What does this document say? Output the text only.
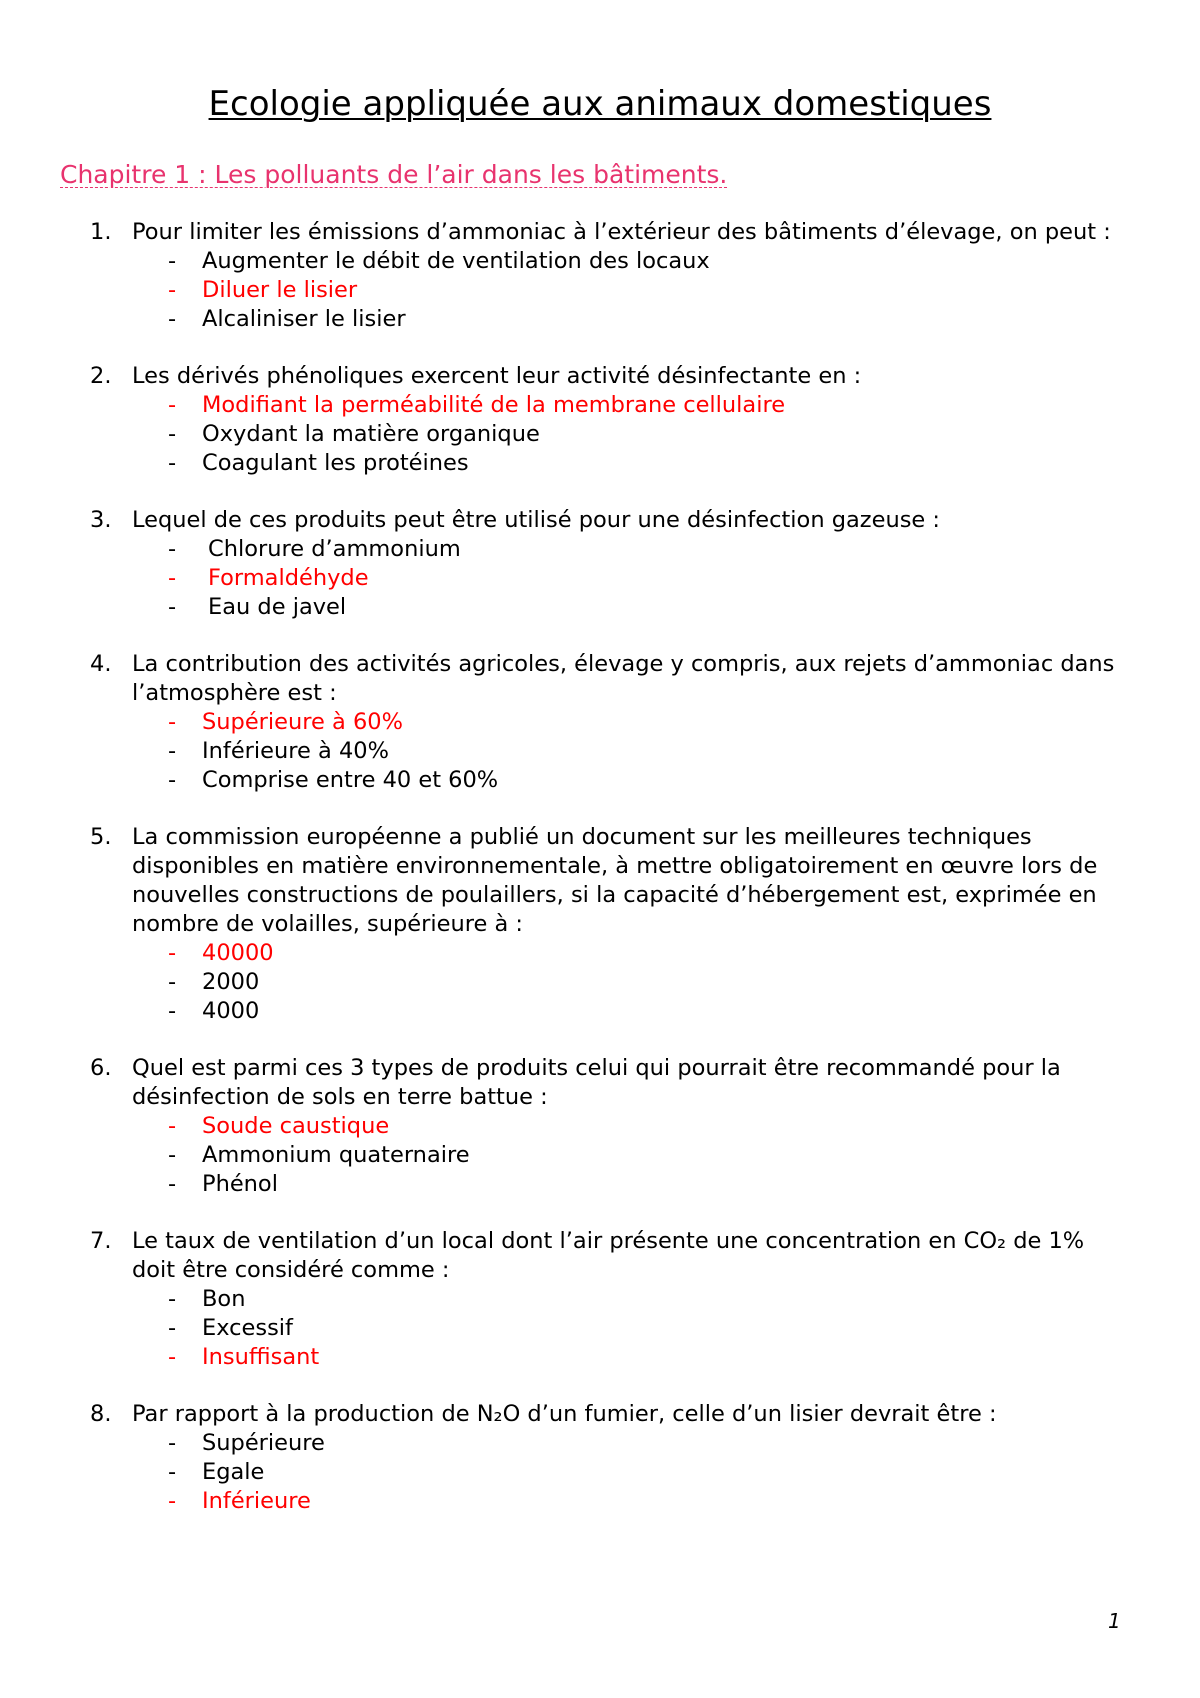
Ecologie appliquée aux animaux domestiques
Chapitre 1 : Les polluants de l’air dans les bâtiments.
1. Pour limiter les émissions d’ammoniac à l’extérieur des bâtiments d’élevage, on peut :
-	Augmenter le débit de ventilation des locaux
-	Diluer le lisier
-	Alcaliniser le lisier
2. Les dérivés phénoliques exercent leur activité désinfectante en :
-	Modifiant la perméabilité de la membrane cellulaire
-	Oxydant la matière organique
-	Coagulant les protéines
3. Lequel de ces produits peut être utilisé pour une désinfection gazeuse :
-	Chlorure d’ammonium
-	Formaldéhyde
-	Eau de javel
4. La contribution des activités agricoles, élevage y compris, aux rejets d’ammoniac dans l’atmosphère est :
-	Supérieure à 60%
-	Inférieure à 40%
-	Comprise entre 40 et 60%
5. La commission européenne a publié un document sur les meilleures techniques disponibles en matière environnementale, à mettre obligatoirement en œuvre lors de nouvelles constructions de poulaillers, si la capacité d’hébergement est, exprimée en nombre de volailles, supérieure à :
-	40000
-	2000
-	4000
6. Quel est parmi ces 3 types de produits celui qui pourrait être recommandé pour la désinfection de sols en terre battue :
-	Soude caustique
-	Ammonium quaternaire
-	Phénol
7. Le taux de ventilation d’un local dont l’air présente une concentration en CO₂ de 1% doit être considéré comme :
-	Bon
-	Excessif
-	Insuffisant
8. Par rapport à la production de N₂O d’un fumier, celle d’un lisier devrait être :
-	Supérieure
-	Egale
-	Inférieure
1
